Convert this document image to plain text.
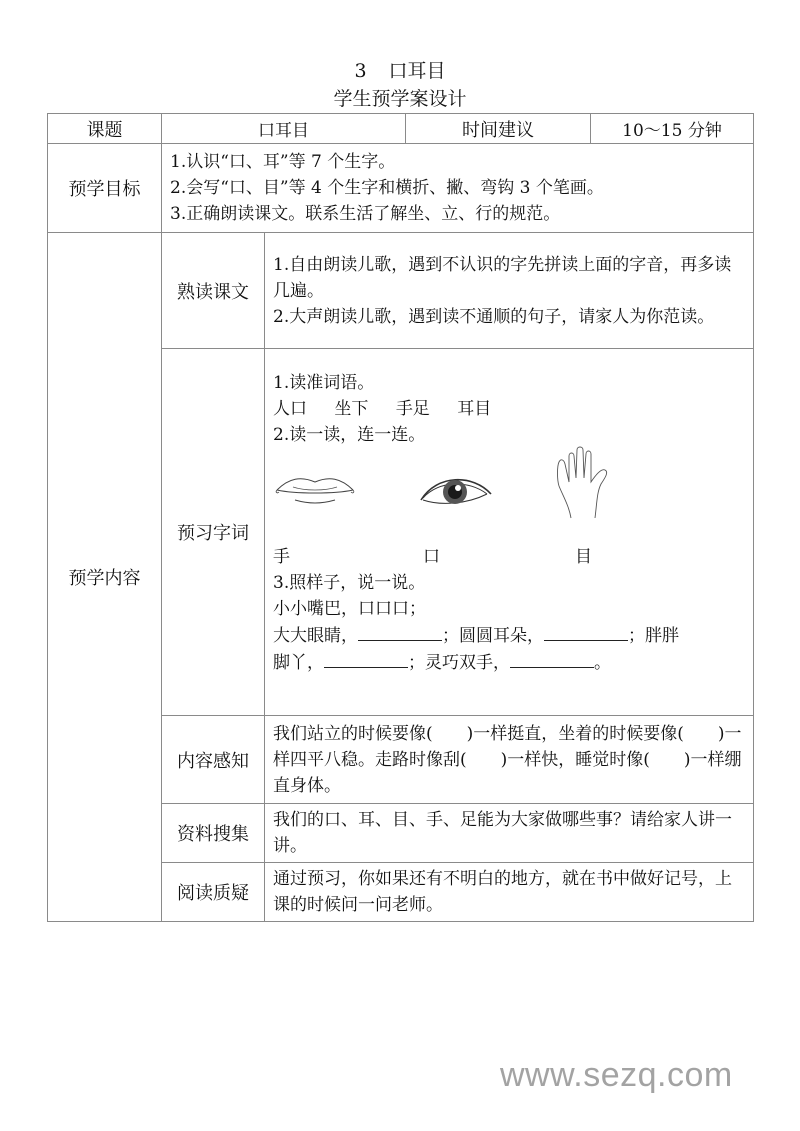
3 口耳目
学生预学案设计
课题	口耳目		时间建议	10～15 分钟
预学目标	1.认识“口、耳”等 7 个生字。
2.会写“口、目”等 4 个生字和横折、撇、弯钩 3 个笔画。
3.正确朗读课文。联系生活了解坐、立、行的规范。			

预学内容	熟读课文	1.自由朗读儿歌，遇到不认识的字先拼读上面的字音，再多读几遍。
2.大声朗读儿歌，遇到读不通顺的句子，请家人为你范读。		

预习字词	
1.读准词语。
人口 坐下 手足 耳目
2.读一读，连一连。
手	口	目
3.照样子，说一说。
小小嘴巴，口口口；
大大眼睛，	；圆圆耳朵，	；胖胖
脚丫，	；灵巧双手，	。

	内容感知	我们站立的时候要像(　　)一样挺直，坐着的时候要像(　　)一样四平八稳。走路时像刮(　　)一样快，睡觉时像(　　)一样绷直身体。		
	资料搜集	我们的口、耳、目、手、足能为大家做哪些事？请给家人讲一讲。		
	阅读质疑	通过预习，你如果还有不明白的地方，就在书中做好记号，上课的时候问一问老师。		
www.sezq.com
